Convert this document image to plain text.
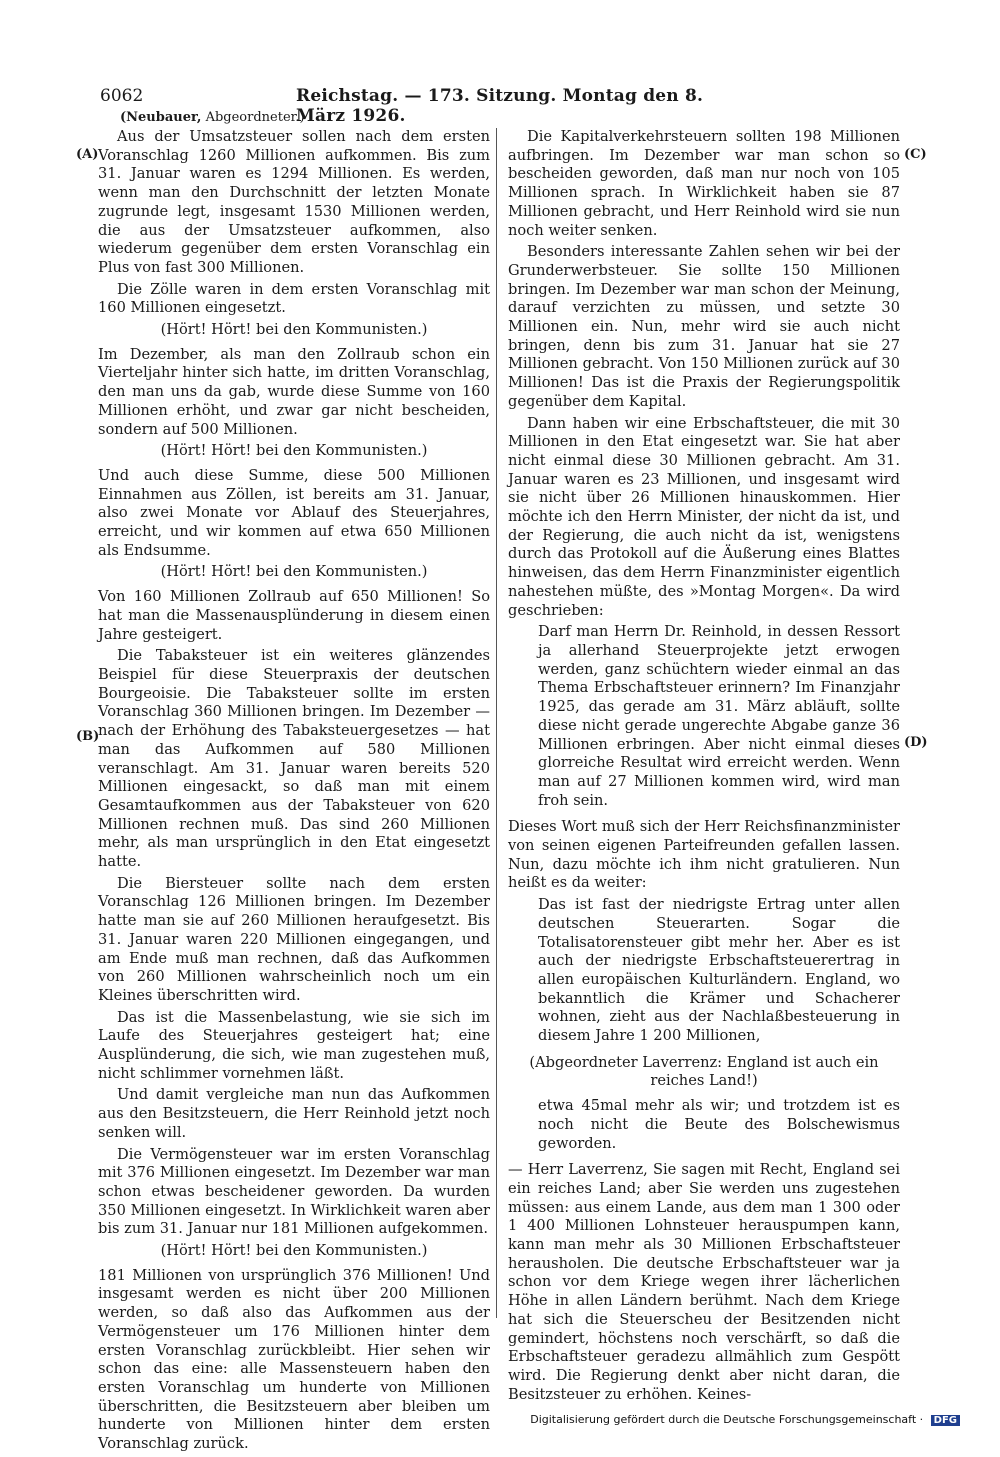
6062	Reichstag. — 173. Sitzung. Montag den 8. März 1926.
(Neubauer, Abgeordneter.)
(A)
(B)
(C)
(D)

Aus der Umsatzsteuer sollen nach dem ersten Voranschlag 1260 Millionen aufkommen. Bis zum 31. Januar waren es 1294 Millionen. Es werden, wenn man den Durchschnitt der letzten Monate zugrunde legt, insgesamt 1530 Millionen werden, die aus der Umsatzsteuer aufkommen, also wiederum gegenüber dem ersten Voranschlag ein Plus von fast 300 Millionen.

Die Zölle waren in dem ersten Voranschlag mit 160 Millionen eingesetzt.

(Hört! Hört! bei den Kommunisten.)

Im Dezember, als man den Zollraub schon ein Vierteljahr hinter sich hatte, im dritten Voranschlag, den man uns da gab, wurde diese Summe von 160 Millionen erhöht, und zwar gar nicht bescheiden, sondern auf 500 Millionen.

(Hört! Hört! bei den Kommunisten.)

Und auch diese Summe, diese 500 Millionen Einnahmen aus Zöllen, ist bereits am 31. Januar, also zwei Monate vor Ablauf des Steuerjahres, erreicht, und wir kommen auf etwa 650 Millionen als Endsumme.

(Hört! Hört! bei den Kommunisten.)

Von 160 Millionen Zollraub auf 650 Millionen! So hat man die Massenausplünderung in diesem einen Jahre gesteigert.

Die Tabaksteuer ist ein weiteres glänzendes Beispiel für diese Steuerpraxis der deutschen Bourgeoisie. Die Tabaksteuer sollte im ersten Voranschlag 360 Millionen bringen. Im Dezember — nach der Erhöhung des Tabaksteuergesetzes — hat man das Aufkommen auf 580 Millionen veranschlagt. Am 31. Januar waren bereits 520 Millionen eingesackt, so daß man mit einem Gesamtaufkommen aus der Tabaksteuer von 620 Millionen rechnen muß. Das sind 260 Millionen mehr, als man ursprünglich in den Etat eingesetzt hatte.

Die Biersteuer sollte nach dem ersten Voranschlag 126 Millionen bringen. Im Dezember hatte man sie auf 260 Millionen heraufgesetzt. Bis 31. Januar waren 220 Millionen eingegangen, und am Ende muß man rechnen, daß das Aufkommen von 260 Millionen wahrscheinlich noch um ein Kleines überschritten wird.

Das ist die Massenbelastung, wie sie sich im Laufe des Steuerjahres gesteigert hat; eine Ausplünderung, die sich, wie man zugestehen muß, nicht schlimmer vornehmen läßt.

Und damit vergleiche man nun das Aufkommen aus den Besitzsteuern, die Herr Reinhold jetzt noch senken will.

Die Vermögensteuer war im ersten Voranschlag mit 376 Millionen eingesetzt. Im Dezember war man schon etwas bescheidener geworden. Da wurden 350 Millionen eingesetzt. In Wirklichkeit waren aber bis zum 31. Januar nur 181 Millionen aufgekommen.

(Hört! Hört! bei den Kommunisten.)

181 Millionen von ursprünglich 376 Millionen! Und insgesamt werden es nicht über 200 Millionen werden, so daß also das Aufkommen aus der Vermögensteuer um 176 Millionen hinter dem ersten Voranschlag zurückbleibt. Hier sehen wir schon das eine: alle Massensteuern haben den ersten Voranschlag um hunderte von Millionen überschritten, die Besitzsteuern aber bleiben um hunderte von Millionen hinter dem ersten Voranschlag zurück.

Die Kapitalverkehrsteuern sollten 198 Millionen aufbringen. Im Dezember war man schon so bescheiden geworden, daß man nur noch von 105 Millionen sprach. In Wirklichkeit haben sie 87 Millionen gebracht, und Herr Reinhold wird sie nun noch weiter senken.

Besonders interessante Zahlen sehen wir bei der Grunderwerbsteuer. Sie sollte 150 Millionen bringen. Im Dezember war man schon der Meinung, darauf verzichten zu müssen, und setzte 30 Millionen ein. Nun, mehr wird sie auch nicht bringen, denn bis zum 31. Januar hat sie 27 Millionen gebracht. Von 150 Millionen zurück auf 30 Millionen! Das ist die Praxis der Regierungspolitik gegenüber dem Kapital.

Dann haben wir eine Erbschaftsteuer, die mit 30 Millionen in den Etat eingesetzt war. Sie hat aber nicht einmal diese 30 Millionen gebracht. Am 31. Januar waren es 23 Millionen, und insgesamt wird sie nicht über 26 Millionen hinauskommen. Hier möchte ich den Herrn Minister, der nicht da ist, und der Regierung, die auch nicht da ist, wenigstens durch das Protokoll auf die Äußerung eines Blattes hinweisen, das dem Herrn Finanzminister eigentlich nahestehen müßte, des »Montag Morgen«. Da wird geschrieben:

Darf man Herrn Dr. Reinhold, in dessen Ressort ja allerhand Steuerprojekte jetzt erwogen werden, ganz schüchtern wieder einmal an das Thema Erbschaftsteuer erinnern? Im Finanzjahr 1925, das gerade am 31. März abläuft, sollte diese nicht gerade ungerechte Abgabe ganze 36 Millionen erbringen. Aber nicht einmal dieses glorreiche Resultat wird erreicht werden. Wenn man auf 27 Millionen kommen wird, wird man froh sein.

Dieses Wort muß sich der Herr Reichsfinanzminister von seinen eigenen Parteifreunden gefallen lassen. Nun, dazu möchte ich ihm nicht gratulieren. Nun heißt es da weiter:

Das ist fast der niedrigste Ertrag unter allen deutschen Steuerarten. Sogar die Totalisatorensteuer gibt mehr her. Aber es ist auch der niedrigste Erbschaftsteuerertrag in allen europäischen Kulturländern. England, wo bekanntlich die Krämer und Schacherer wohnen, zieht aus der Nachlaßbesteuerung in diesem Jahre 1 200 Millionen,

(Abgeordneter Laverrenz: England ist auch ein reiches Land!)

etwa 45mal mehr als wir; und trotzdem ist es noch nicht die Beute des Bolschewismus geworden.

— Herr Laverrenz, Sie sagen mit Recht, England sei ein reiches Land; aber Sie werden uns zugestehen müssen: aus einem Lande, aus dem man 1 300 oder 1 400 Millionen Lohnsteuer herauspumpen kann, kann man mehr als 30 Millionen Erbschaftsteuer herausholen. Die deutsche Erbschaftsteuer war ja schon vor dem Kriege wegen ihrer lächerlichen Höhe in allen Ländern berühmt. Nach dem Kriege hat sich die Steuerscheu der Besitzenden nicht gemindert, höchstens noch verschärft, so daß die Erbschaftsteuer geradezu allmählich zum Gespött wird. Die Regierung denkt aber nicht daran, die Besitzsteuer zu erhöhen. Keines-

Digitalisierung gefördert durch die Deutsche Forschungsgemeinschaft · DFG
